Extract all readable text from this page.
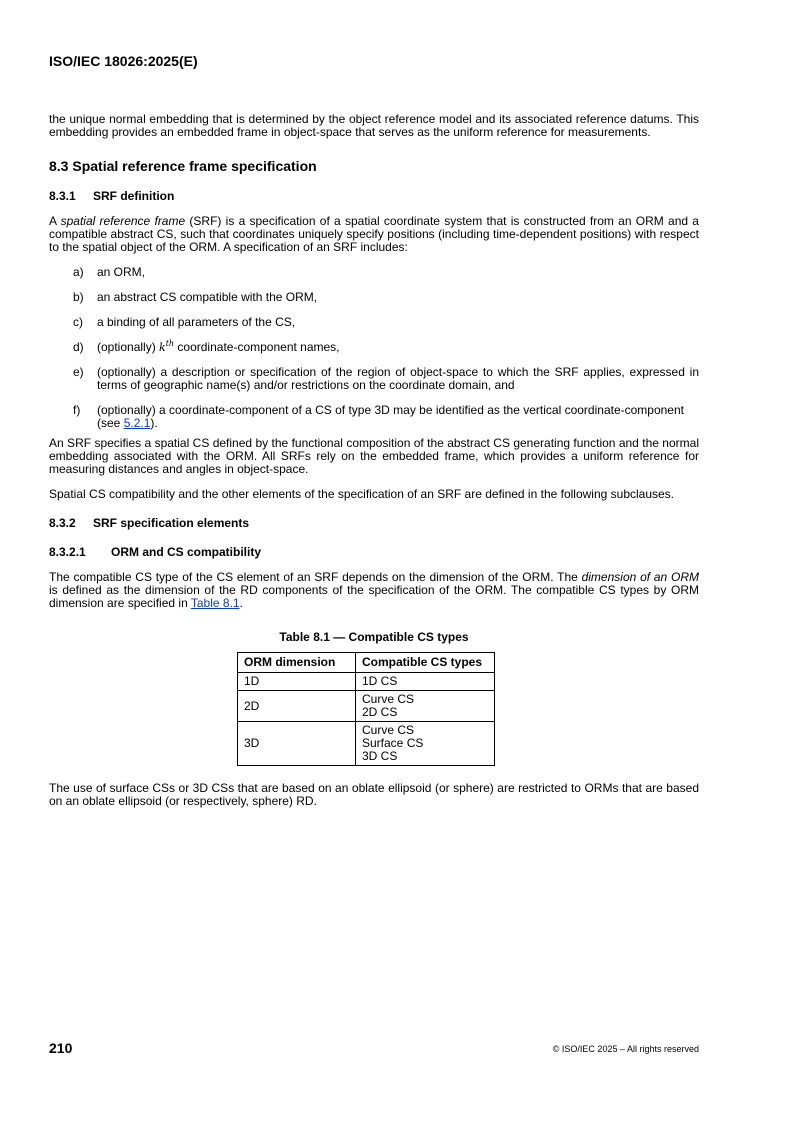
ISO/IEC 18026:2025(E)

the unique normal embedding that is determined by the object reference model and its associated reference datums. This embedding provides an embedded frame in object-space that serves as the uniform reference for measurements.

8.3 Spatial reference frame specification
8.3.1 SRF definition

A spatial reference frame (SRF) is a specification of a spatial coordinate system that is constructed from an ORM and a compatible abstract CS, such that coordinates uniquely specify positions (including time-dependent positions) with respect to the spatial object of the ORM. A specification of an SRF includes:

a) an ORM,
b) an abstract CS compatible with the ORM,
c) a binding of all parameters of the CS,
d) (optionally) $k^{th}$ coordinate-component names,
e) (optionally) a description or specification of the region of object-space to which the SRF applies, expressed in terms of geographic name(s) and/or restrictions on the coordinate domain, and
f) (optionally) a coordinate-component of a CS of type 3D may be identified as the vertical coordinate-component (see 5.2.1).

An SRF specifies a spatial CS defined by the functional composition of the abstract CS generating function and the normal embedding associated with the ORM. All SRFs rely on the embedded frame, which provides a uniform reference for measuring distances and angles in object-space.

Spatial CS compatibility and the other elements of the specification of an SRF are defined in the following subclauses.

8.3.2 SRF specification elements
8.3.2.1 ORM and CS compatibility

The compatible CS type of the CS element of an SRF depends on the dimension of the ORM. The dimension of an ORM is defined as the dimension of the RD components of the specification of the ORM. The compatible CS types by ORM dimension are specified in Table 8.1.

Table 8.1 — Compatible CS types
ORM dimension	Compatible CS types
1D	1D CS

2D	Curve CS
2D CS

3D	Curve CS
Surface CS
3D CS

The use of surface CSs or 3D CSs that are based on an oblate ellipsoid (or sphere) are restricted to ORMs that are based on an oblate ellipsoid (or respectively, sphere) RD.

210	© ISO/IEC 2025 – All rights reserved
